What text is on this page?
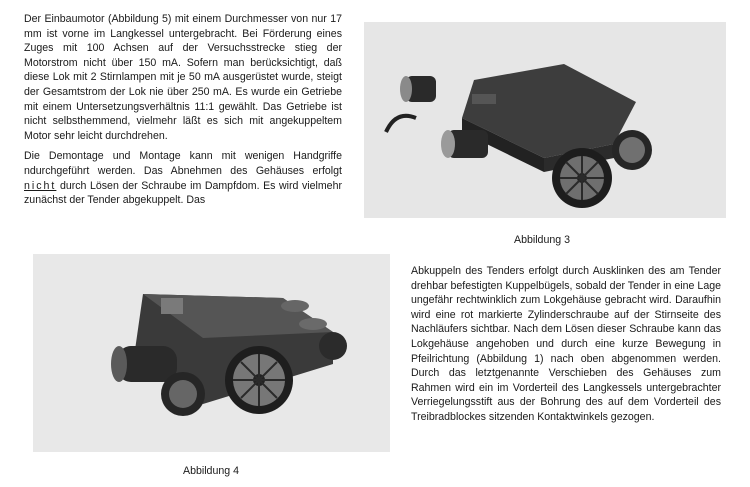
Der Einbaumotor (Abbildung 5) mit einem Durchmesser von nur 17 mm ist vorne im Langkessel untergebracht. Bei Förderung eines Zuges mit 100 Achsen auf der Versuchsstrecke stieg der Motorstrom nicht über 150 mA. Sofern man berücksichtigt, daß diese Lok mit 2 Stirnlampen mit je 50 mA ausgerüstet wurde, steigt der Gesamtstrom der Lok nie über 250 mA. Es wurde ein Getriebe mit einem Untersetzungsverhältnis 11:1 gewählt. Das Getriebe ist nicht selbsthemmend, vielmehr läßt es sich mit angekuppeltem Motor sehr leicht durchdrehen.

Die Demontage und Montage kann mit wenigen Handgriffe ndurchgeführt werden. Das Abnehmen des Gehäuses erfolgt nicht durch Lösen der Schraube im Dampfdom. Es wird vielmehr zunächst der Tender abgekuppelt. Das

Abbildung 3
Abbildung 4

Abkuppeln des Tenders erfolgt durch Ausklinken des am Tender drehbar befestigten Kuppelbügels, sobald der Tender in eine Lage ungefähr rechtwinklich zum Lokgehäuse gebracht wird. Daraufhin wird eine rot markierte Zylinderschraube auf der Stirnseite des Nachläufers sichtbar. Nach dem Lösen dieser Schraube kann das Lokgehäuse angehoben und durch eine kurze Bewegung in Pfeilrichtung (Abbildung 1) nach oben abgenommen werden. Durch das letztgenannte Verschieben des Gehäuses zum Rahmen wird ein im Vorderteil des Langkessels untergebrachter Verriegelungsstift aus der Bohrung des auf dem Vorderteil des Treibradblockes sitzenden Kontaktwinkels gezogen.
